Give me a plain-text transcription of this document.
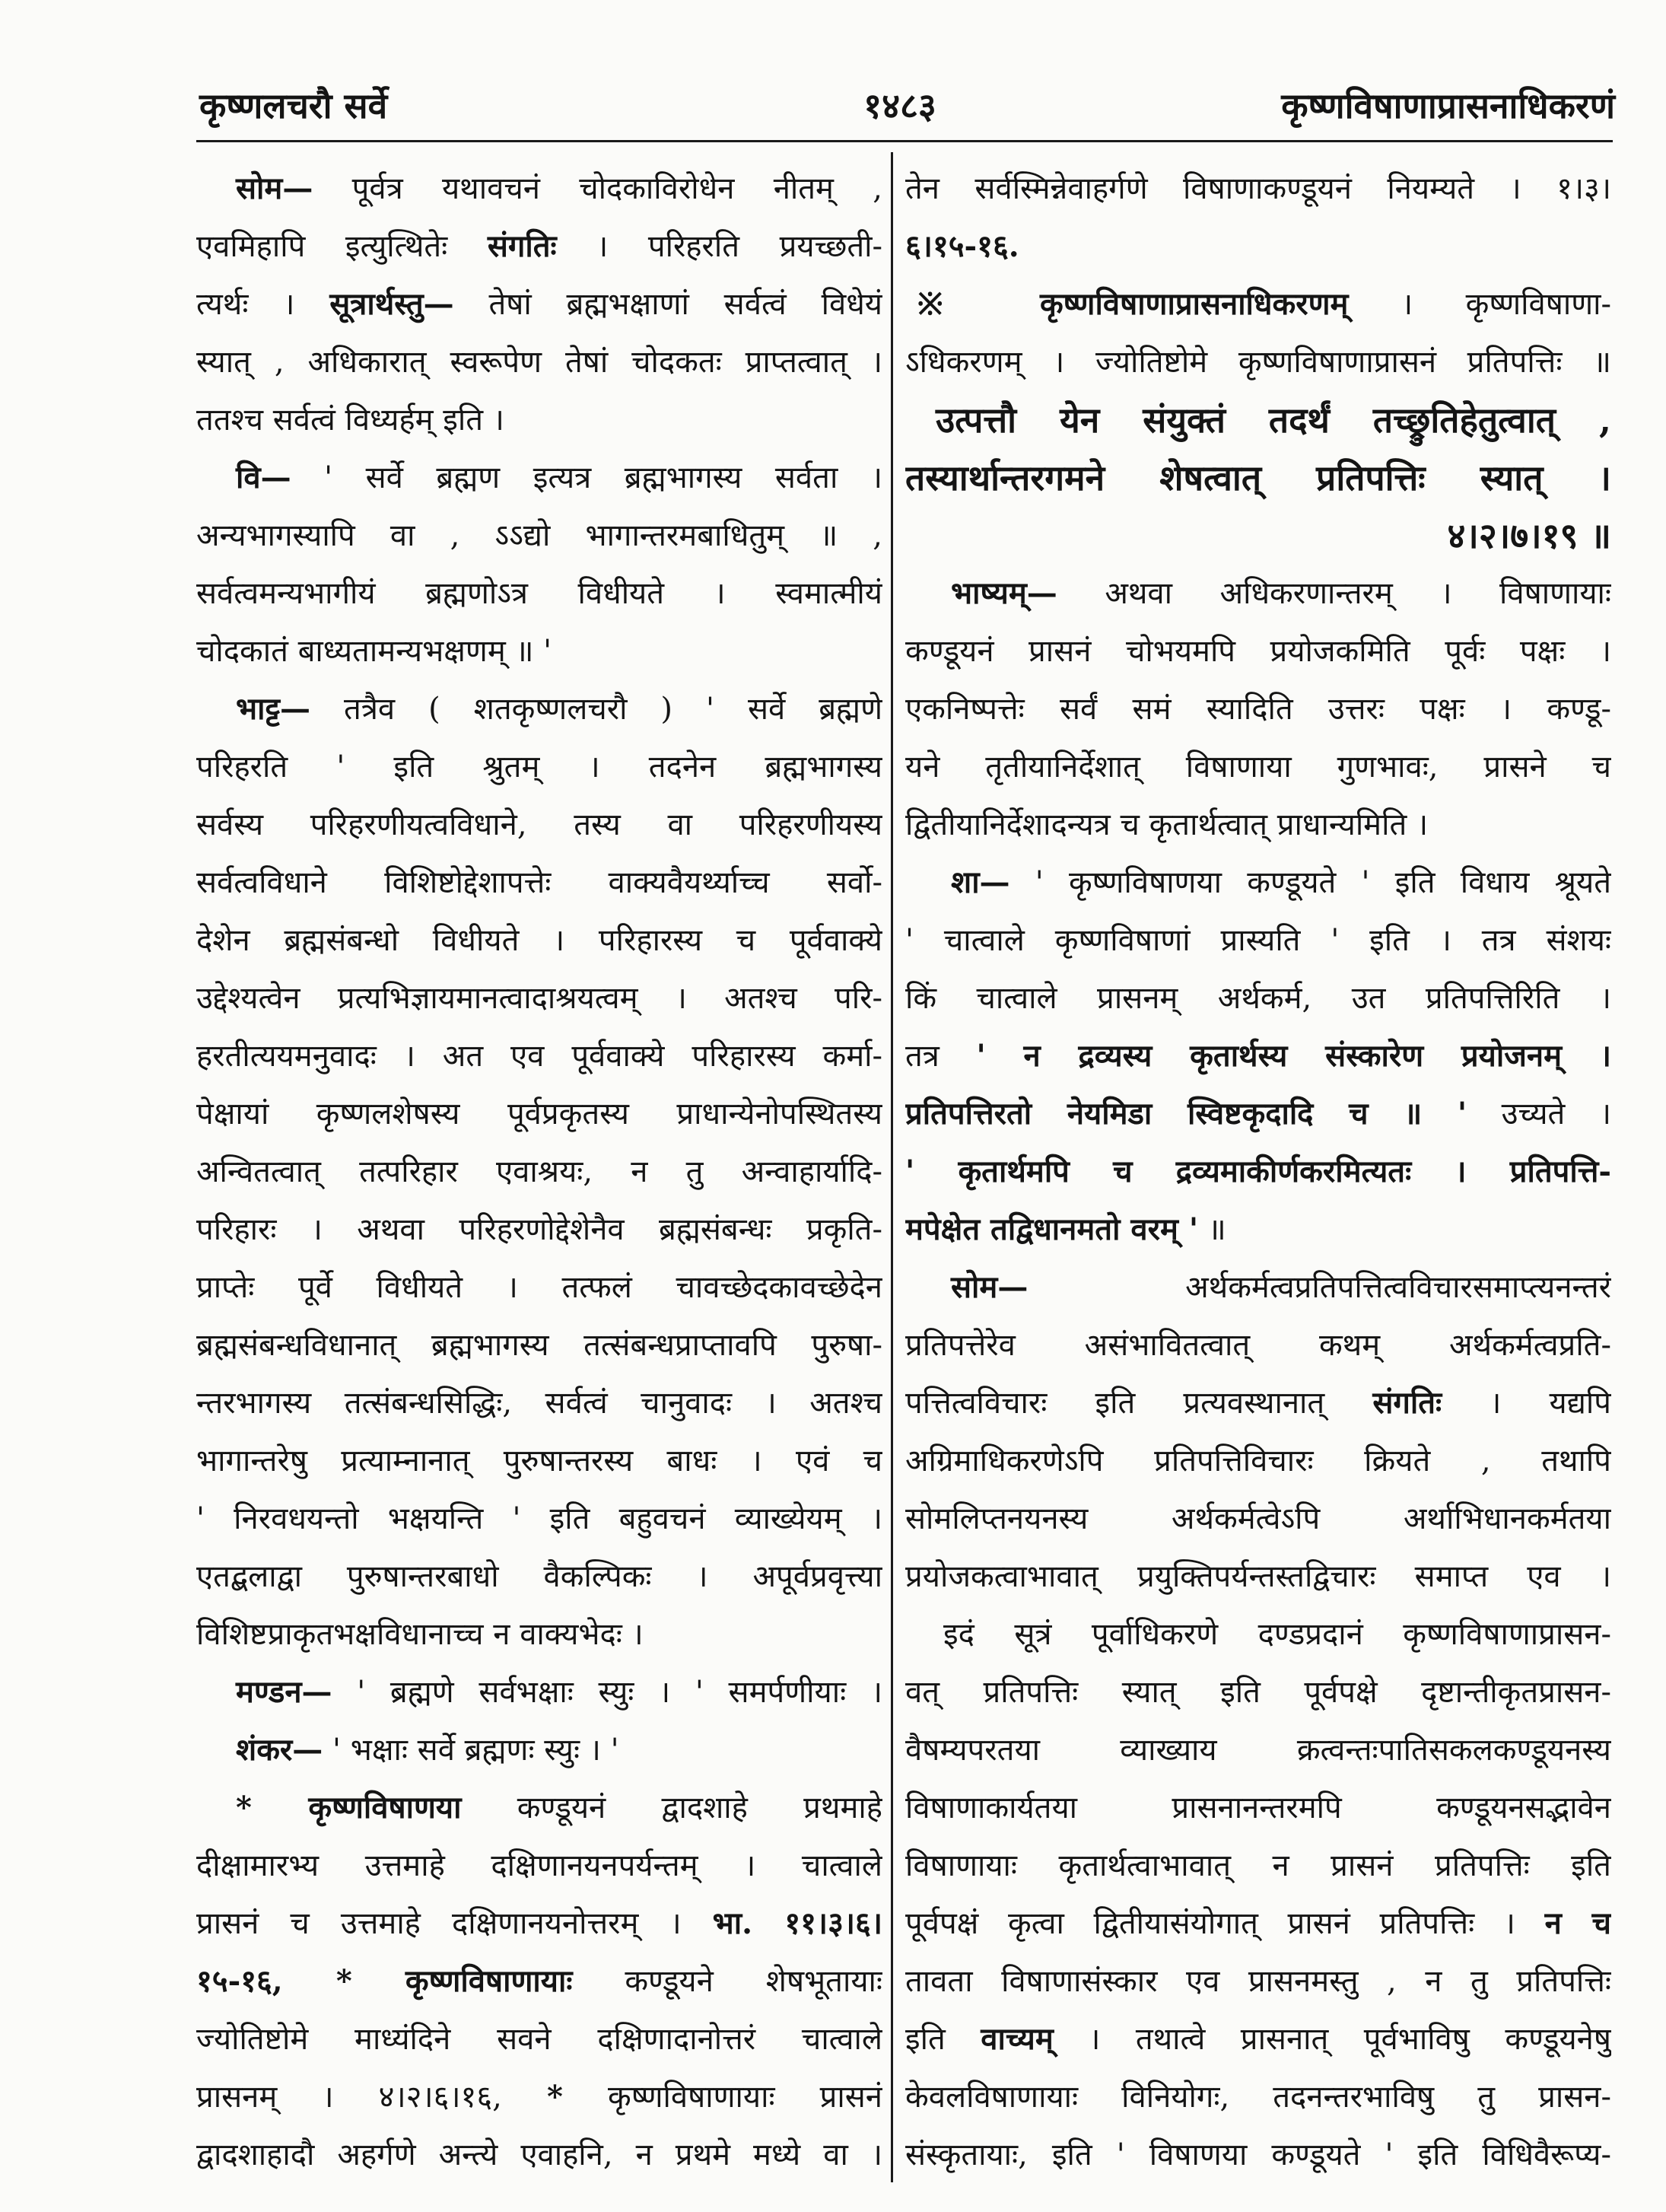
कृष्णलचरौ सर्वे	१४८३	कृष्णविषाणाप्रासनाधिकरणं
सोम— पूर्वत्र यथावचनं चोदकाविरोधेन नीतम् ,
एवमिहापि इत्युत्थितेः संगतिः । परिहरति प्रयच्छती-
त्यर्थः । सूत्रार्थस्तु— तेषां ब्रह्मभक्षाणां सर्वत्वं विधेयं
स्यात् , अधिकारात् स्वरूपेण तेषां चोदकतः प्राप्तत्वात् ।
ततश्च सर्वत्वं विध्यर्हम् इति ।
वि— ' सर्वे ब्रह्मण इत्यत्र ब्रह्मभागस्य सर्वता ।
अन्यभागस्यापि वा , ऽऽद्यो भागान्तरमबाधितुम् ॥ ,
सर्वत्वमन्यभागीयं ब्रह्मणोऽत्र विधीयते । स्वमात्मीयं
चोदकातं बाध्यतामन्यभक्षणम् ॥ '
भाट्ट— तत्रैव ( शतकृष्णलचरौ ) ' सर्वे ब्रह्मणे
परिहरति ' इति श्रुतम् । तदनेन ब्रह्मभागस्य
सर्वस्य परिहरणीयत्वविधाने, तस्य वा परिहरणीयस्य
सर्वत्वविधाने विशिष्टोद्देशापत्तेः वाक्यवैयर्थ्याच्च सर्वो-
देशेन ब्रह्मसंबन्धो विधीयते । परिहारस्य च पूर्ववाक्ये
उद्देश्यत्वेन प्रत्यभिज्ञायमानत्वादाश्रयत्वम् । अतश्च परि-
हरतीत्ययमनुवादः । अत एव पूर्ववाक्ये परिहारस्य कर्मा-
पेक्षायां कृष्णलशेषस्य पूर्वप्रकृतस्य प्राधान्येनोपस्थितस्य
अन्वितत्वात् तत्परिहार एवाश्रयः, न तु अन्वाहार्यादि-
परिहारः । अथवा परिहरणोद्देशेनैव ब्रह्मसंबन्धः प्रकृति-
प्राप्तेः पूर्वे विधीयते । तत्फलं चावच्छेदकावच्छेदेन
ब्रह्मसंबन्धविधानात् ब्रह्मभागस्य तत्संबन्धप्राप्तावपि पुरुषा-
न्तरभागस्य तत्संबन्धसिद्धिः, सर्वत्वं चानुवादः । अतश्च
भागान्तरेषु प्रत्याम्नानात् पुरुषान्तरस्य बाधः । एवं च
' निरवधयन्तो भक्षयन्ति ' इति बहुवचनं व्याख्येयम् ।
एतद्बलाद्वा पुरुषान्तरबाधो वैकल्पिकः । अपूर्वप्रवृत्त्या
विशिष्टप्राकृतभक्षविधानाच्च न वाक्यभेदः ।
मण्डन— ' ब्रह्मणे सर्वभक्षाः स्युः । ' समर्पणीयाः ।
शंकर— ' भक्षाः सर्वे ब्रह्मणः स्युः । '
* कृष्णविषाणया कण्डूयनं द्वादशाहे प्रथमाहे
दीक्षामारभ्य उत्तमाहे दक्षिणानयनपर्यन्तम् । चात्वाले
प्रासनं च उत्तमाहे दक्षिणानयनोत्तरम् । भा. ११।३।६।
१५-१६, * कृष्णविषाणायाः कण्डूयने शेषभूतायाः
ज्योतिष्टोमे माध्यंदिने सवने दक्षिणादानोत्तरं चात्वाले
प्रासनम् । ४।२।६।१६, * कृष्णविषाणायाः प्रासनं
द्वादशाहादौ अहर्गणे अन्त्ये एवाहनि, न प्रथमे मध्ये वा ।
तेन सर्वस्मिन्नेवाहर्गणे विषाणाकण्डूयनं नियम्यते । १।३।
६।१५-१६.
※ कृष्णविषाणाप्रासनाधिकरणम् । कृष्णविषाणा-
ऽधिकरणम् । ज्योतिष्टोमे कृष्णविषाणाप्रासनं प्रतिपत्तिः ॥
उत्पत्तौ येन संयुक्तं तदर्थं तच्छ्रुतिहेतुत्वात् ,
तस्यार्थान्तरगमने शेषत्वात् प्रतिपत्तिः स्यात् ।
४।२।७।१९ ॥
भाष्यम्— अथवा अधिकरणान्तरम् । विषाणायाः
कण्डूयनं प्रासनं चोभयमपि प्रयोजकमिति पूर्वः पक्षः ।
एकनिष्पत्तेः सर्वं समं स्यादिति उत्तरः पक्षः । कण्डू-
यने तृतीयानिर्देशात् विषाणाया गुणभावः, प्रासने च
द्वितीयानिर्देशादन्यत्र च कृतार्थत्वात् प्राधान्यमिति ।
शा— ' कृष्णविषाणया कण्डूयते ' इति विधाय श्रूयते
' चात्वाले कृष्णविषाणां प्रास्यति ' इति । तत्र संशयः
किं चात्वाले प्रासनम् अर्थकर्म, उत प्रतिपत्तिरिति ।
तत्र ' न द्रव्यस्य कृतार्थस्य संस्कारेण प्रयोजनम् ।
प्रतिपत्तिरतो नेयमिडा स्विष्टकृदादि च ॥ ' उच्यते ।
' कृतार्थमपि च द्रव्यमाकीर्णकरमित्यतः । प्रतिपत्ति-
मपेक्षेत तद्विधानमतो वरम् ' ॥
सोम— अर्थकर्मत्वप्रतिपत्तित्वविचारसमाप्त्यनन्तरं
प्रतिपत्तेरेव असंभावितत्वात् कथम् अर्थकर्मत्वप्रति-
पत्तित्वविचारः इति प्रत्यवस्थानात् संगतिः । यद्यपि
अग्रिमाधिकरणेऽपि प्रतिपत्तिविचारः क्रियते , तथापि
सोमलिप्तनयनस्य अर्थकर्मत्वेऽपि अर्थाभिधानकर्मतया
प्रयोजकत्वाभावात् प्रयुक्तिपर्यन्तस्तद्विचारः समाप्त एव ।
इदं सूत्रं पूर्वाधिकरणे दण्डप्रदानं कृष्णविषाणाप्रासन-
वत् प्रतिपत्तिः स्यात् इति पूर्वपक्षे दृष्टान्तीकृतप्रासन-
वैषम्यपरतया व्याख्याय क्रत्वन्तःपातिसकलकण्डूयनस्य
विषाणाकार्यतया प्रासनानन्तरमपि कण्डूयनसद्भावेन
विषाणायाः कृतार्थत्वाभावात् न प्रासनं प्रतिपत्तिः इति
पूर्वपक्षं कृत्वा द्वितीयासंयोगात् प्रासनं प्रतिपत्तिः । न च
तावता विषाणासंस्कार एव प्रासनमस्तु , न तु प्रतिपत्तिः
इति वाच्यम् । तथात्वे प्रासनात् पूर्वभाविषु कण्डूयनेषु
केवलविषाणायाः विनियोगः, तदनन्तरभाविषु तु प्रासन-
संस्कृतायाः, इति ' विषाणया कण्डूयते ' इति विधिवैरूप्य-
